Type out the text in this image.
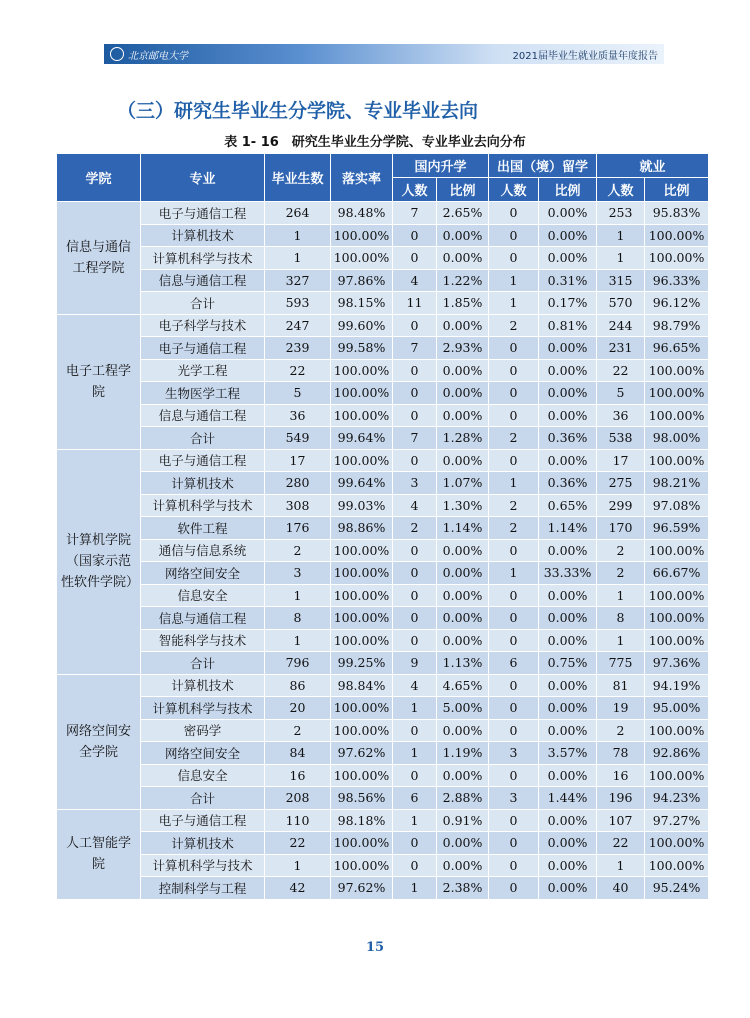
北京邮电大学	2021届毕业生就业质量年度报告
（三）研究生毕业生分学院、专业毕业去向
表 1- 16　研究生毕业生分学院、专业毕业去向分布
学院	专业	毕业生数	落实率	国内升学		出国（境）留学		就业	
				人数	比例	人数	比例	人数	比例
信息与通信工程学院	电子与通信工程	264	98.48%	7	2.65%	0	0.00%	253	95.83%
	计算机技术	1	100.00%	0	0.00%	0	0.00%	1	100.00%
	计算机科学与技术	1	100.00%	0	0.00%	0	0.00%	1	100.00%
	信息与通信工程	327	97.86%	4	1.22%	1	0.31%	315	96.33%
	合计	593	98.15%	11	1.85%	1	0.17%	570	96.12%
电子工程学院	电子科学与技术	247	99.60%	0	0.00%	2	0.81%	244	98.79%
	电子与通信工程	239	99.58%	7	2.93%	0	0.00%	231	96.65%
	光学工程	22	100.00%	0	0.00%	0	0.00%	22	100.00%
	生物医学工程	5	100.00%	0	0.00%	0	0.00%	5	100.00%
	信息与通信工程	36	100.00%	0	0.00%	0	0.00%	36	100.00%
	合计	549	99.64%	7	1.28%	2	0.36%	538	98.00%
计算机学院（国家示范性软件学院）	电子与通信工程	17	100.00%	0	0.00%	0	0.00%	17	100.00%
	计算机技术	280	99.64%	3	1.07%	1	0.36%	275	98.21%
	计算机科学与技术	308	99.03%	4	1.30%	2	0.65%	299	97.08%
	软件工程	176	98.86%	2	1.14%	2	1.14%	170	96.59%
	通信与信息系统	2	100.00%	0	0.00%	0	0.00%	2	100.00%
	网络空间安全	3	100.00%	0	0.00%	1	33.33%	2	66.67%
	信息安全	1	100.00%	0	0.00%	0	0.00%	1	100.00%
	信息与通信工程	8	100.00%	0	0.00%	0	0.00%	8	100.00%
	智能科学与技术	1	100.00%	0	0.00%	0	0.00%	1	100.00%
	合计	796	99.25%	9	1.13%	6	0.75%	775	97.36%
网络空间安全学院	计算机技术	86	98.84%	4	4.65%	0	0.00%	81	94.19%
	计算机科学与技术	20	100.00%	1	5.00%	0	0.00%	19	95.00%
	密码学	2	100.00%	0	0.00%	0	0.00%	2	100.00%
	网络空间安全	84	97.62%	1	1.19%	3	3.57%	78	92.86%
	信息安全	16	100.00%	0	0.00%	0	0.00%	16	100.00%
	合计	208	98.56%	6	2.88%	3	1.44%	196	94.23%
人工智能学院	电子与通信工程	110	98.18%	1	0.91%	0	0.00%	107	97.27%
	计算机技术	22	100.00%	0	0.00%	0	0.00%	22	100.00%
	计算机科学与技术	1	100.00%	0	0.00%	0	0.00%	1	100.00%
	控制科学与工程	42	97.62%	1	2.38%	0	0.00%	40	95.24%
15
